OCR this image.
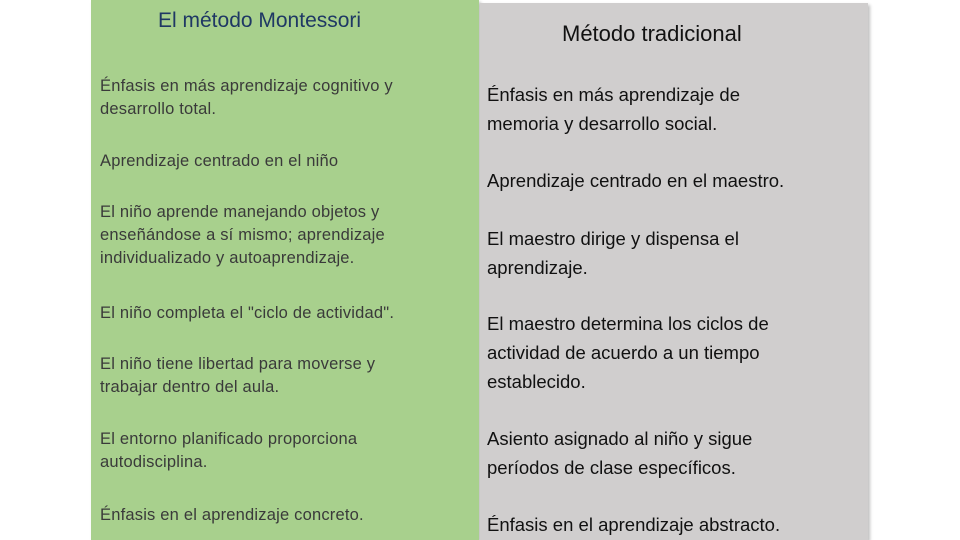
El método Montessori
Método tradicional
Énfasis en más aprendizaje cognitivo y
desarrollo total.
Aprendizaje centrado en el niño
El niño aprende manejando objetos y
enseñándose a sí mismo; aprendizaje
individualizado y autoaprendizaje.
El niño completa el "ciclo de actividad".
El niño tiene libertad para moverse y
trabajar dentro del aula.
El entorno planificado proporciona
autodisciplina.
Énfasis en el aprendizaje concreto.
Énfasis en más aprendizaje de
memoria y desarrollo social.
Aprendizaje centrado en el maestro.
El maestro dirige y dispensa el
aprendizaje.
El maestro determina los ciclos de
actividad de acuerdo a un tiempo
establecido.
Asiento asignado al niño y sigue
períodos de clase específicos.
Énfasis en el aprendizaje abstracto.
